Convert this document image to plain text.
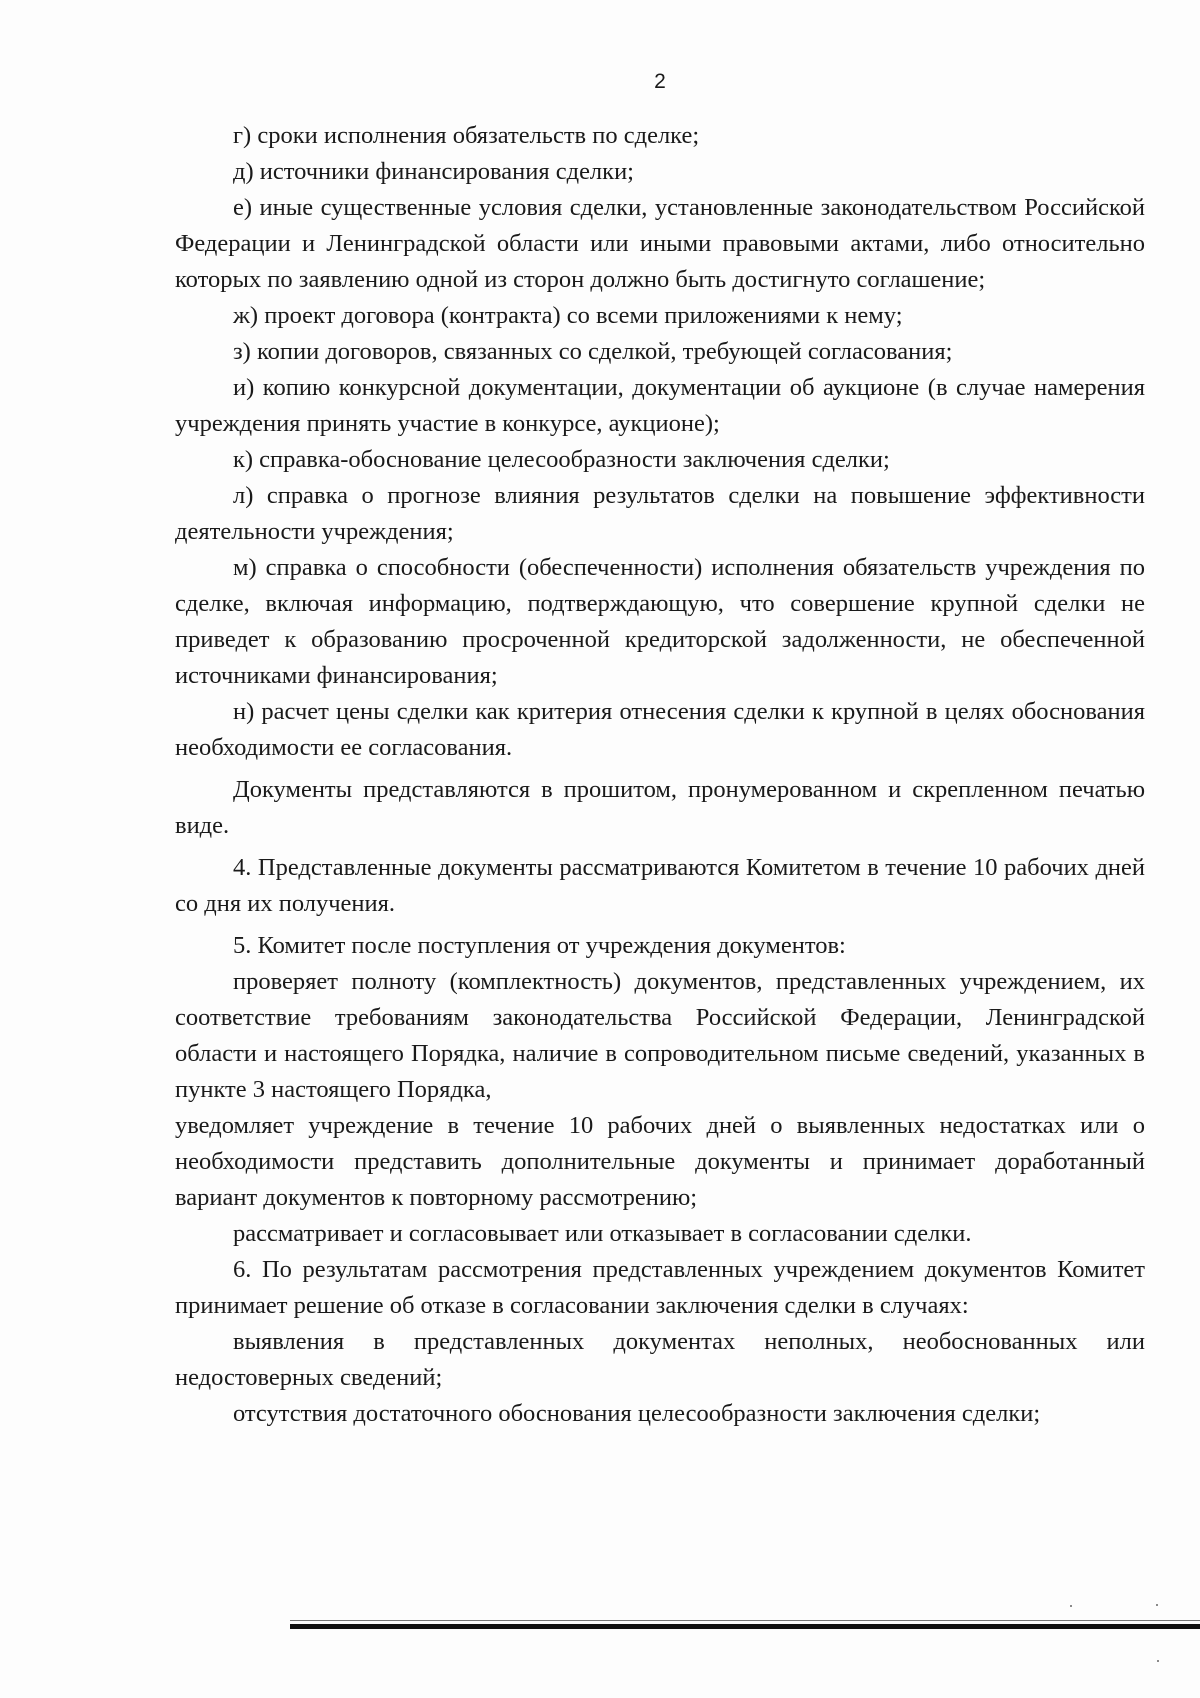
2

г) сроки исполнения обязательств по сделке;

д) источники финансирования сделки;

е) иные существенные условия сделки, установленные законодательством Российской Федерации и Ленинградской области или иными правовыми актами, либо относительно которых по заявлению одной из сторон должно быть достигнуто соглашение;

ж) проект договора (контракта) со всеми приложениями к нему;

з) копии договоров, связанных со сделкой, требующей согласования;

и) копию конкурсной документации, документации об аукционе (в случае намерения учреждения принять участие в конкурсе, аукционе);

к) справка-обоснование целесообразности заключения сделки;

л) справка о прогнозе влияния результатов сделки на повышение эффективности деятельности учреждения;

м) справка о способности (обеспеченности) исполнения обязательств учреждения по сделке, включая информацию, подтверждающую, что совершение крупной сделки не приведет к образованию просроченной кредиторской задолженности, не обеспеченной источниками финансирования;

н) расчет цены сделки как критерия отнесения сделки к крупной в целях обоснования необходимости ее согласования.

Документы представляются в прошитом, пронумерованном и скрепленном печатью виде.

4. Представленные документы рассматриваются Комитетом в течение 10 рабочих дней со дня их получения.

5. Комитет после поступления от учреждения документов:

проверяет полноту (комплектность) документов, представленных учреждением, их соответствие требованиям законодательства Российской Федерации, Ленинградской области и настоящего Порядка, наличие в сопроводительном письме сведений, указанных в пункте 3 настоящего Порядка,

уведомляет учреждение в течение 10 рабочих дней о выявленных недостатках или о необходимости представить дополнительные документы и принимает доработанный вариант документов к повторному рассмотрению;

рассматривает и согласовывает или отказывает в согласовании сделки.

6. По результатам рассмотрения представленных учреждением документов Комитет принимает решение об отказе в согласовании заключения сделки в случаях:

выявления в представленных документах неполных, необоснованных или недостоверных сведений;

отсутствия достаточного обоснования целесообразности заключения сделки;
